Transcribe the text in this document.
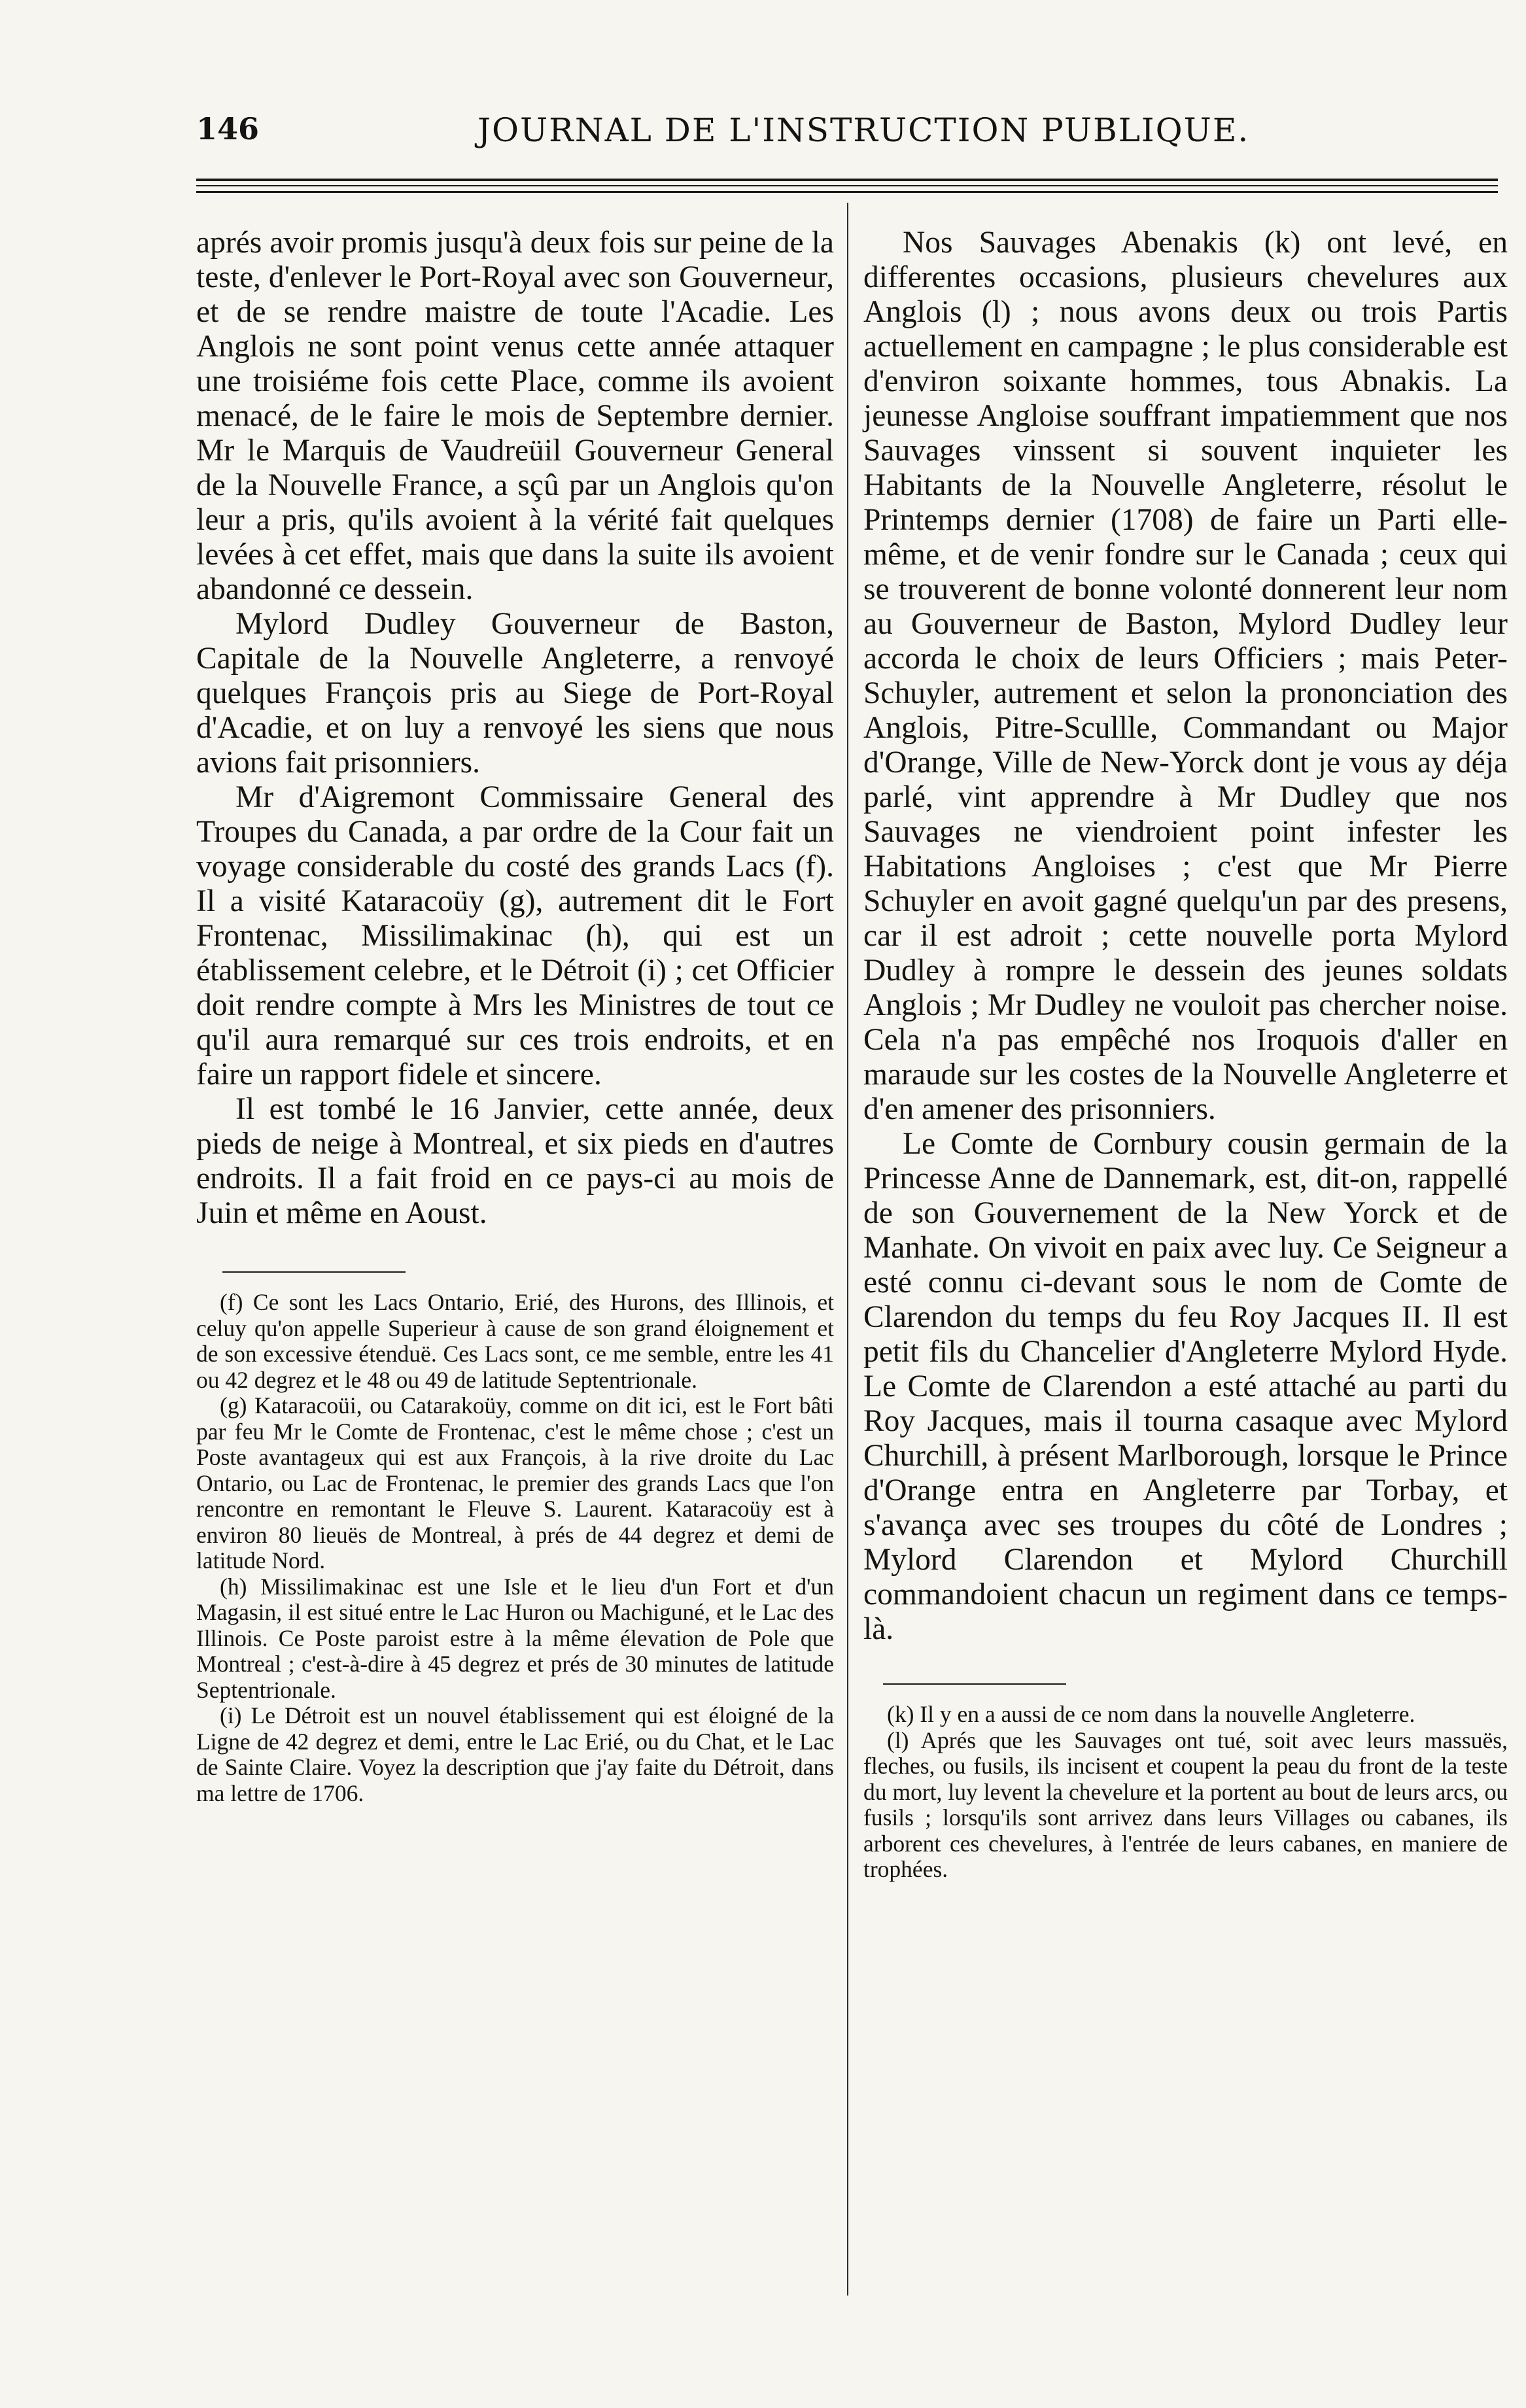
146	JOURNAL DE L'INSTRUCTION PUBLIQUE.

aprés avoir promis jusqu'à deux fois sur peine de la teste, d'enlever le Port-Royal avec son Gouverneur, et de se rendre maistre de toute l'Acadie. Les Anglois ne sont point venus cette année attaquer une troisiéme fois cette Place, comme ils avoient menacé, de le faire le mois de Septembre dernier. Mr le Marquis de Vaudreüil Gouverneur General de la Nouvelle France, a sçû par un Anglois qu'on leur a pris, qu'ils avoient à la vérité fait quelques levées à cet effet, mais que dans la suite ils avoient abandonné ce dessein.

Mylord Dudley Gouverneur de Baston, Capitale de la Nouvelle Angleterre, a renvoyé quelques François pris au Siege de Port-Royal d'Acadie, et on luy a renvoyé les siens que nous avions fait prisonniers.

Mr d'Aigremont Commissaire General des Troupes du Canada, a par ordre de la Cour fait un voyage considerable du costé des grands Lacs (f). Il a visité Kataracoüy (g), autrement dit le Fort Frontenac, Missilimakinac (h), qui est un établissement celebre, et le Détroit (i) ; cet Officier doit rendre compte à Mrs les Ministres de tout ce qu'il aura remarqué sur ces trois endroits, et en faire un rapport fidele et sincere.

Il est tombé le 16 Janvier, cette année, deux pieds de neige à Montreal, et six pieds en d'autres endroits. Il a fait froid en ce pays-ci au mois de Juin et même en Aoust.

(f) Ce sont les Lacs Ontario, Erié, des Hurons, des Illinois, et celuy qu'on appelle Superieur à cause de son grand éloignement et de son excessive étenduë. Ces Lacs sont, ce me semble, entre les 41 ou 42 degrez et le 48 ou 49 de latitude Septentrionale.

(g) Kataracoüi, ou Catarakoüy, comme on dit ici, est le Fort bâti par feu Mr le Comte de Frontenac, c'est le même chose ; c'est un Poste avantageux qui est aux François, à la rive droite du Lac Ontario, ou Lac de Frontenac, le premier des grands Lacs que l'on rencontre en remontant le Fleuve S. Laurent. Kataracoüy est à environ 80 lieuës de Montreal, à prés de 44 degrez et demi de latitude Nord.

(h) Missilimakinac est une Isle et le lieu d'un Fort et d'un Magasin, il est situé entre le Lac Huron ou Machiguné, et le Lac des Illinois. Ce Poste paroist estre à la même élevation de Pole que Montreal ; c'est-à-dire à 45 degrez et prés de 30 minutes de latitude Septentrionale.

(i) Le Détroit est un nouvel établissement qui est éloigné de la Ligne de 42 degrez et demi, entre le Lac Erié, ou du Chat, et le Lac de Sainte Claire. Voyez la description que j'ay faite du Détroit, dans ma lettre de 1706.

Nos Sauvages Abenakis (k) ont levé, en differentes occasions, plusieurs chevelures aux Anglois (l) ; nous avons deux ou trois Partis actuellement en campagne ; le plus considerable est d'environ soixante hommes, tous Abnakis. La jeunesse Angloise souffrant impatiemment que nos Sauvages vinssent si souvent inquieter les Habitants de la Nouvelle Angleterre, résolut le Printemps dernier (1708) de faire un Parti elle-même, et de venir fondre sur le Canada ; ceux qui se trouverent de bonne volonté donnerent leur nom au Gouverneur de Baston, Mylord Dudley leur accorda le choix de leurs Officiers ; mais Peter-Schuyler, autrement et selon la prononciation des Anglois, Pitre-Scullle, Commandant ou Major d'Orange, Ville de New-Yorck dont je vous ay déja parlé, vint apprendre à Mr Dudley que nos Sauvages ne viendroient point infester les Habitations Angloises ; c'est que Mr Pierre Schuyler en avoit gagné quelqu'un par des presens, car il est adroit ; cette nouvelle porta Mylord Dudley à rompre le dessein des jeunes soldats Anglois ; Mr Dudley ne vouloit pas chercher noise. Cela n'a pas empêché nos Iroquois d'aller en maraude sur les costes de la Nouvelle Angleterre et d'en amener des prisonniers.

Le Comte de Cornbury cousin germain de la Princesse Anne de Dannemark, est, dit-on, rappellé de son Gouvernement de la New Yorck et de Manhate. On vivoit en paix avec luy. Ce Seigneur a esté connu ci-devant sous le nom de Comte de Clarendon du temps du feu Roy Jacques II. Il est petit fils du Chancelier d'Angleterre Mylord Hyde. Le Comte de Clarendon a esté attaché au parti du Roy Jacques, mais il tourna casaque avec Mylord Churchill, à présent Marlborough, lorsque le Prince d'Orange entra en Angleterre par Torbay, et s'avança avec ses troupes du côté de Londres ; Mylord Clarendon et Mylord Churchill commandoient chacun un regiment dans ce temps-là.

(k) Il y en a aussi de ce nom dans la nouvelle Angleterre.

(l) Aprés que les Sauvages ont tué, soit avec leurs massuës, fleches, ou fusils, ils incisent et coupent la peau du front de la teste du mort, luy levent la chevelure et la portent au bout de leurs arcs, ou fusils ; lorsqu'ils sont arrivez dans leurs Villages ou cabanes, ils arborent ces chevelures, à l'entrée de leurs cabanes, en maniere de trophées.
